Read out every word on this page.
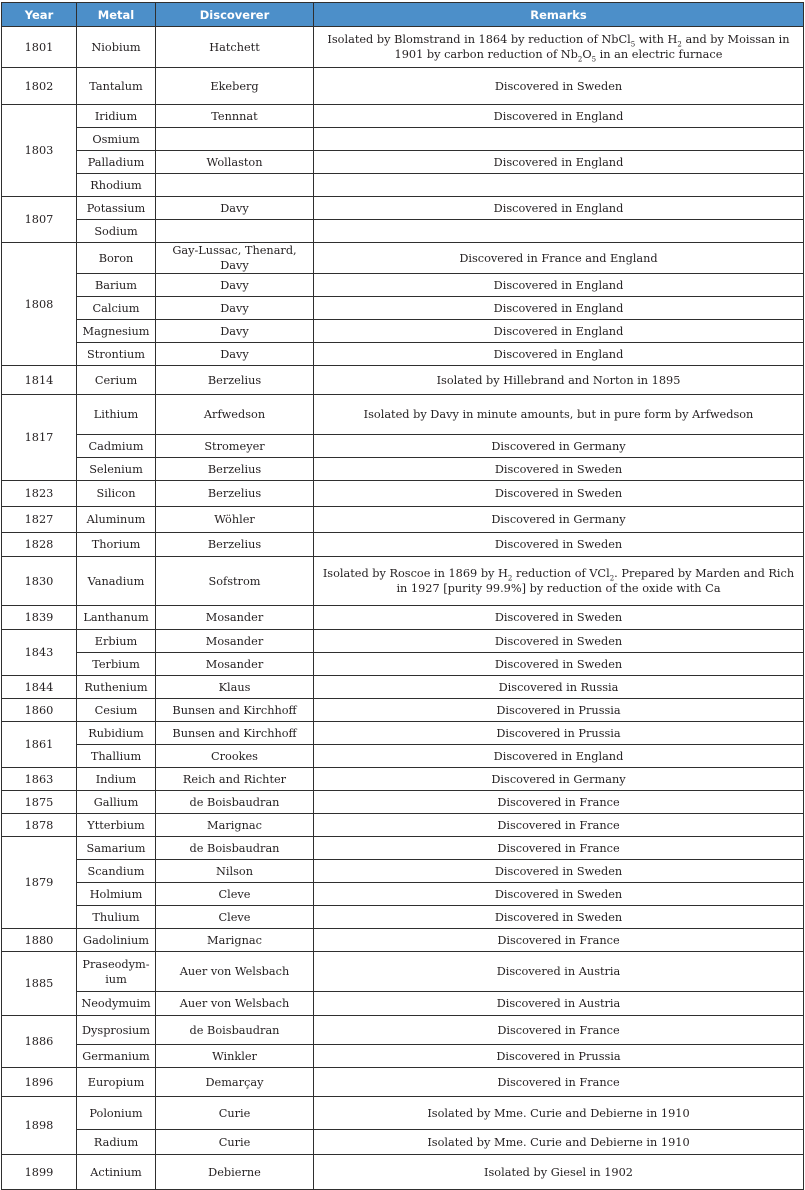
Year	Metal	Discoverer	Remarks
1801	Niobium	Hatchett	Isolated by Blomstrand in 1864 by reduction of NbCl$_5$ with $H_2$ and by Moissan in 1901 by carbon reduction of $Nb_2O_5$ in an electric furnace
1802	Tantalum	Ekeberg	Discovered in Sweden
1803	Iridium	Tennnat	Discovered in England
	Osmium		
	Palladium	Wollaston	Discovered in England
	Rhodium		
1807	Potassium	Davy	Discovered in England
	Sodium		
1808	Boron	Gay-Lussac, Thenard, Davy	Discovered in France and England
	Barium	Davy	Discovered in England
	Calcium	Davy	Discovered in England
	Magnesium	Davy	Discovered in England
	Strontium	Davy	Discovered in England
1814	Cerium	Berzelius	Isolated by Hillebrand and Norton in 1895
1817	Lithium	Arfwedson	Isolated by Davy in minute amounts, but in pure form by Arfwedson
	Cadmium	Stromeyer	Discovered in Germany
	Selenium	Berzelius	Discovered in Sweden
1823	Silicon	Berzelius	Discovered in Sweden
1827	Aluminum	Wöhler	Discovered in Germany
1828	Thorium	Berzelius	Discovered in Sweden
1830	Vanadium	Sofstrom	Isolated by Roscoe in 1869 by $H_2$ reduction of VCl$_2$. Prepared by Marden and Rich in 1927 [purity 99.9%] by reduction of the oxide with Ca
1839	Lanthanum	Mosander	Discovered in Sweden
1843	Erbium	Mosander	Discovered in Sweden
	Terbium	Mosander	Discovered in Sweden
1844	Ruthenium	Klaus	Discovered in Russia
1860	Cesium	Bunsen and Kirchhoff	Discovered in Prussia
1861	Rubidium	Bunsen and Kirchhoff	Discovered in Prussia
	Thallium	Crookes	Discovered in England
1863	Indium	Reich and Richter	Discovered in Germany
1875	Gallium	de Boisbaudran	Discovered in France
1878	Ytterbium	Marignac	Discovered in France
1879	Samarium	de Boisbaudran	Discovered in France
	Scandium	Nilson	Discovered in Sweden
	Holmium	Cleve	Discovered in Sweden
	Thulium	Cleve	Discovered in Sweden
1880	Gadolinium	Marignac	Discovered in France
1885	Praseodym-ium	Auer von Welsbach	Discovered in Austria
	Neodymuim	Auer von Welsbach	Discovered in Austria
1886	Dysprosium	de Boisbaudran	Discovered in France
	Germanium	Winkler	Discovered in Prussia
1896	Europium	Demarçay	Discovered in France
1898	Polonium	Curie	Isolated by Mme. Curie and Debierne in 1910
	Radium	Curie	Isolated by Mme. Curie and Debierne in 1910
1899	Actinium	Debierne	Isolated by Giesel in 1902
